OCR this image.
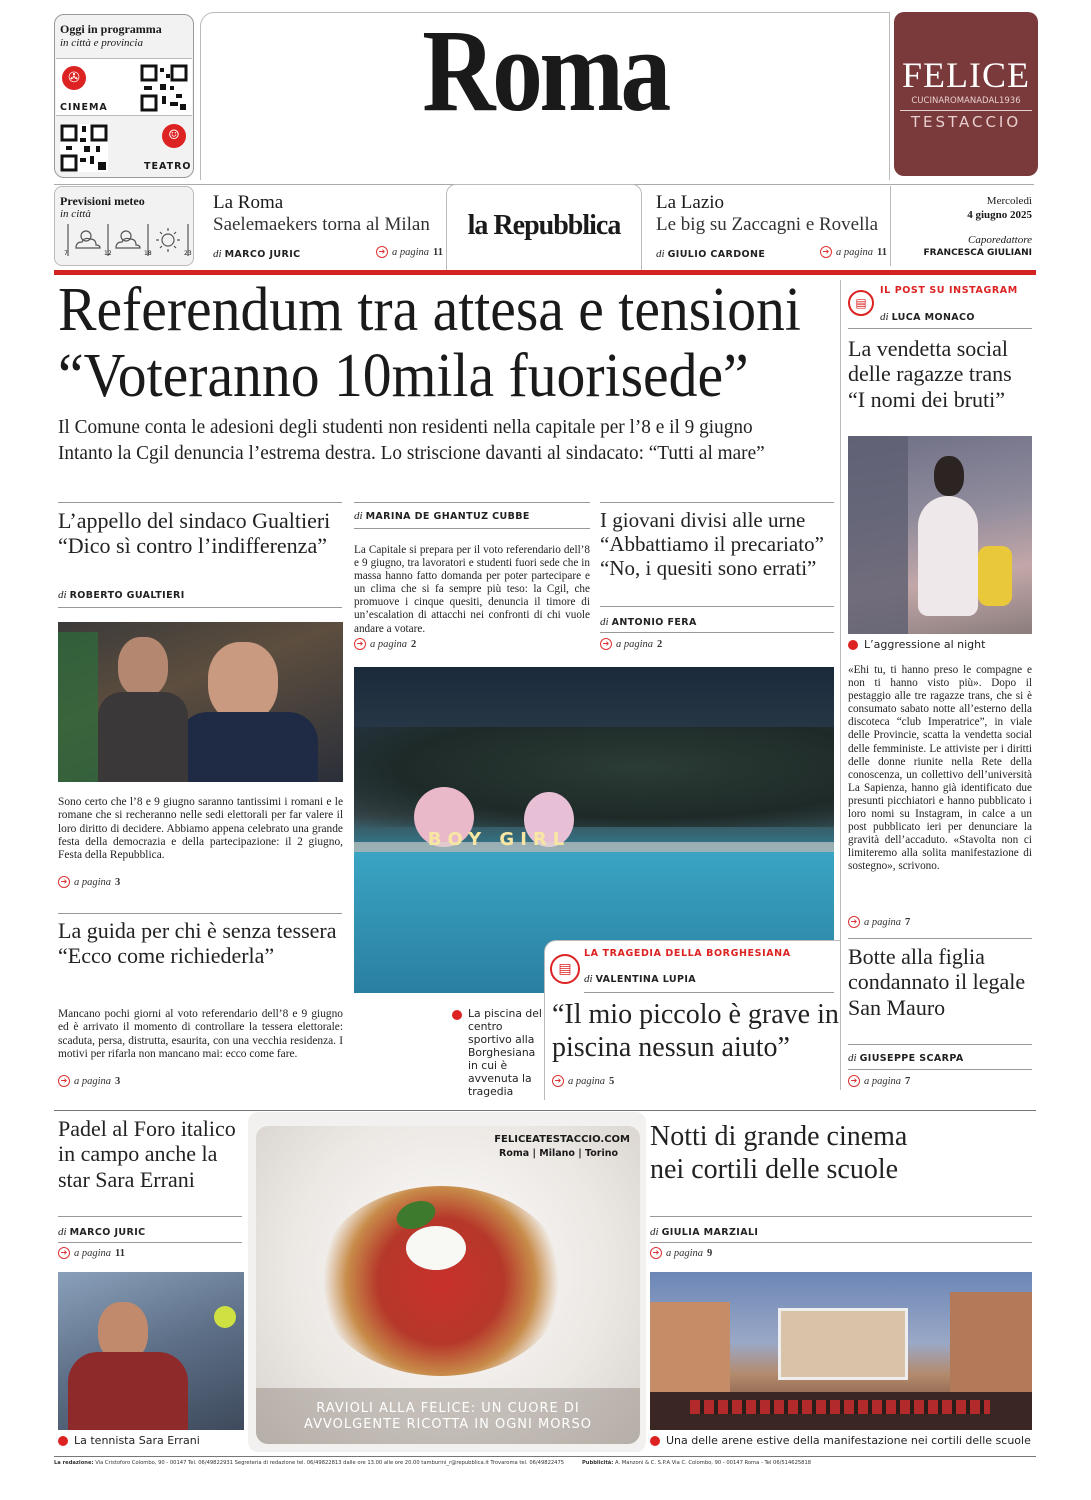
Oggi in programma
in città e provincia
✇
CINEMA
☺
TEATRO
Roma	FELICE
CUCINAROMANADAL1936
TESTACCIO
Previsioni meteo
in città
7	12	18	23
La Roma
Saelemaekers torna al Milan
di MARCO JURIC	➔ a pagina 11
la Repubblica
La Lazio
Le big su Zaccagni e Rovella
di GIULIO CARDONE	➔ a pagina 11
Mercoledì
4 giugno 2025
Caporedattore
FRANCESCA GIULIANI
Referendum tra attesa e tensioni
“Voteranno 10mila fuorisede”
Il Comune conta le adesioni degli studenti non residenti nella capitale per l’8 e il 9 giugno
Intanto la Cgil denuncia l’estrema destra. Lo striscione davanti al sindacato: “Tutti al mare”
L’appello del sindaco Gualtieri “Dico sì contro l’indifferenza”
di ROBERTO GUALTIERI
Sono certo che l’8 e 9 giugno saranno tantissimi i romani e le romane che si recheranno nelle sedi elettorali per far valere il loro diritto di decidere. Abbiamo appena celebrato una grande festa della democrazia e della partecipazione: il 2 giugno, Festa della Repubblica.
➔ a pagina 3
di MARINA DE GHANTUZ CUBBE
La Capitale si prepara per il voto referendario dell’8 e 9 giugno, tra lavoratori e studenti fuori sede che in massa hanno fatto domanda per poter partecipare e un clima che si fa sempre più teso: la Cgil, che promuove i cinque quesiti, denuncia il timore di un’escalation di attacchi nei confronti di chi vuole andare a votare.
➔ a pagina 2
I giovani divisi alle urne “Abbattiamo il precariato” “No, i quesiti sono errati”
di ANTONIO FERA
➔ a pagina 2
BOY GIRL
La piscina del centro sportivo alla Borghesiana in cui è avvenuta la tragedia
▤
LA TRAGEDIA DELLA BORGHESIANA
di VALENTINA LUPIA
“Il mio piccolo è grave in piscina nessun aiuto”
➔ a pagina 5
La guida per chi è senza tessera “Ecco come richiederla”
Mancano pochi giorni al voto referendario dell’8 e 9 giugno ed è arrivato il momento di controllare la tessera elettorale: scaduta, persa, distrutta, esaurita, con una vecchia residenza. I motivi per rifarla non mancano mai: ecco come fare.
➔ a pagina 3
▤
IL POST SU INSTAGRAM
di LUCA MONACO
La vendetta social delle ragazze trans “I nomi dei bruti”
L’aggressione al night
«Ehi tu, ti hanno preso le compagne e non ti hanno visto più». Dopo il pestaggio alle tre ragazze trans, che si è consumato sabato notte all’esterno della discoteca “club Imperatrice”, in viale delle Provincie, scatta la vendetta social delle femministe. Le attiviste per i diritti delle donne riunite nella Rete della conoscenza, un collettivo dell’università La Sapienza, hanno già identificato due presunti picchiatori e hanno pubblicato i loro nomi su Instagram, in calce a un post pubblicato ieri per denunciare la gravità dell’accaduto. «Stavolta non ci limiteremo alla solita manifestazione di sostegno», scrivono.
➔ a pagina 7
Botte alla figlia condannato il legale San Mauro
di GIUSEPPE SCARPA
➔ a pagina 7
Padel al Foro italico in campo anche la star Sara Errani
di MARCO JURIC
➔ a pagina 11
La tennista Sara Errani
FELICEATESTACCIO.COM
Roma | Milano | Torino
RAVIOLI ALLA FELICE: UN CUORE DI
AVVOLGENTE RICOTTA IN OGNI MORSO
Notti di grande cinema nei cortili delle scuole
di GIULIA MARZIALI
➔ a pagina 9
Una delle arene estive della manifestazione nei cortili delle scuole
La redazione: Via Cristoforo Colombo, 90 - 00147 Tel. 06/49822931 Segreteria di redazione tel. 06/49822813 dalle ore 13.00 alle ore 20.00 tamburini_r@repubblica.it Trovaroma tel. 06/49822475	Pubblicità: A. Manzoni & C. S.P.A Via C. Colombo, 90 - 00147 Roma - Tel 06/514625818
